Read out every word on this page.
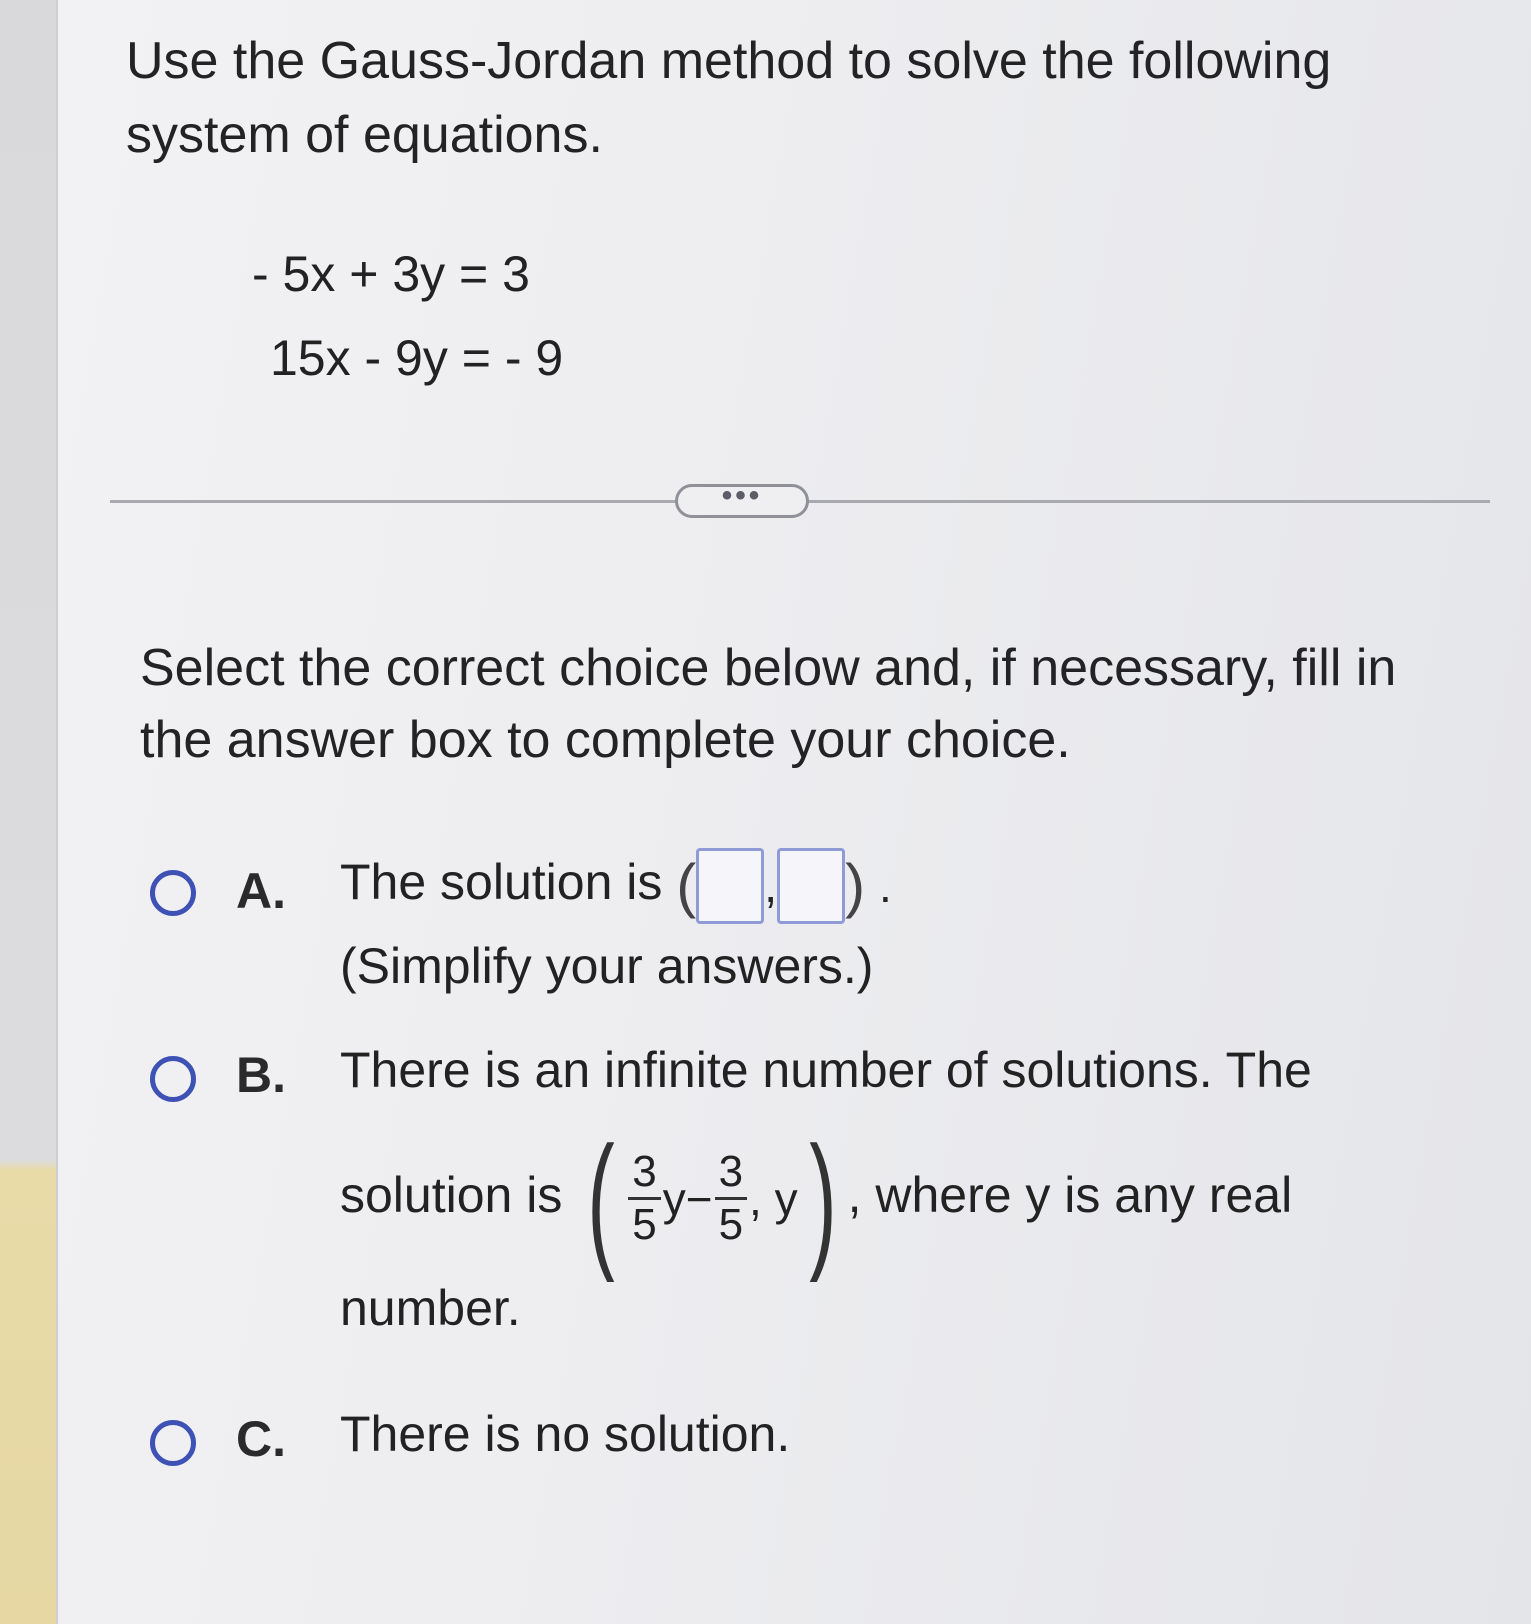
Use the Gauss-Jordan method to solve the following system of equations.
- 5x + 3y = 3
15x - 9y = - 9
•••
Select the correct choice below and, if necessary, fill in the answer box to complete your choice.
A. The solution is ( , ) .
(Simplify your answers.)
B. There is an infinite number of solutions. The
solution is ( $\frac{3}{5} y- \frac{3}{5}$ , y) , where y is any real
number.
C. There is no solution.
